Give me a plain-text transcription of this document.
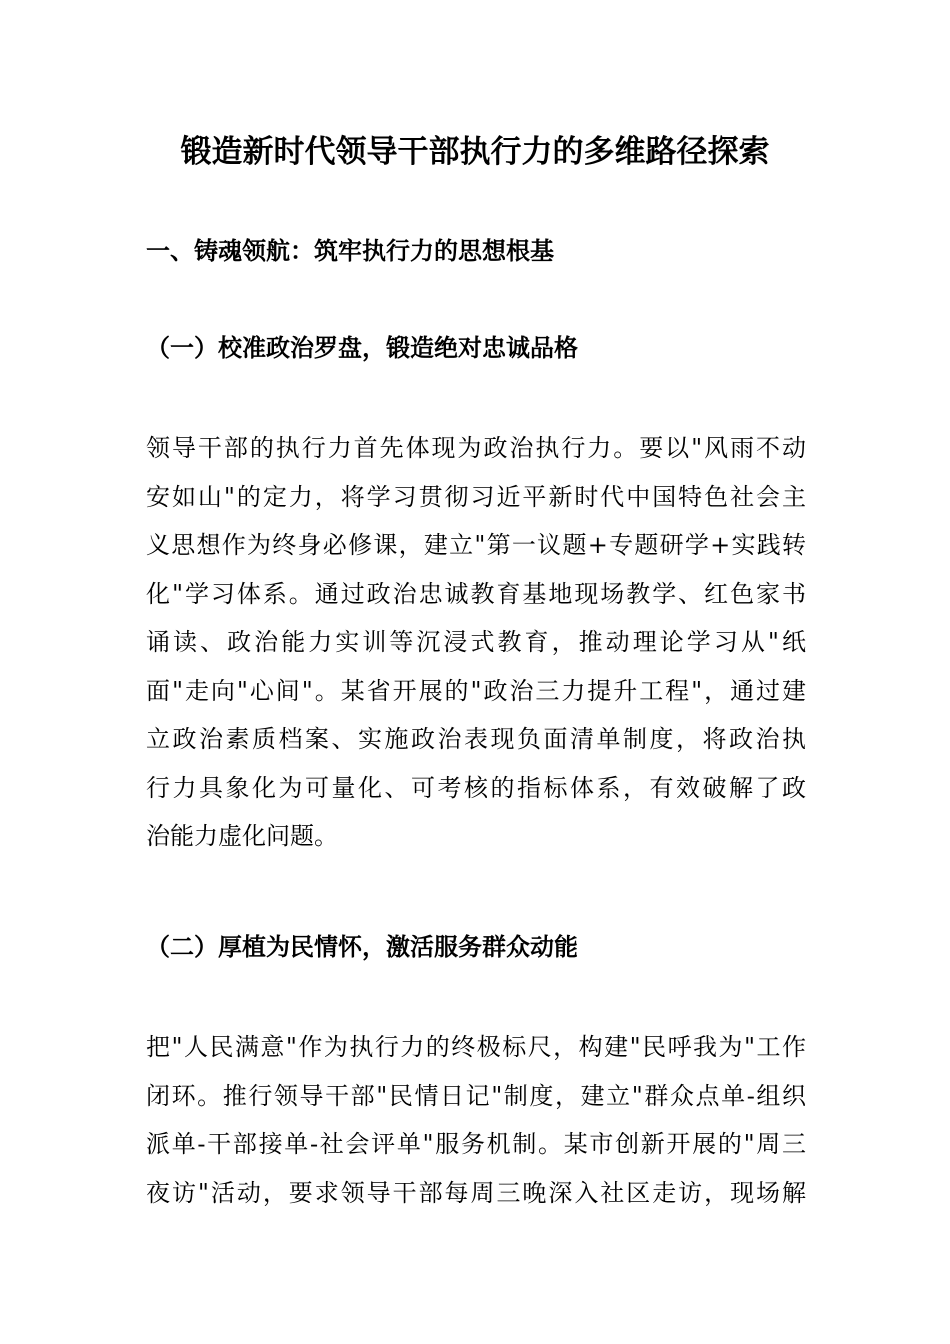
锻造新时代领导干部执行力的多维路径探索
一、铸魂领航：筑牢执行力的思想根基
（一）校准政治罗盘，锻造绝对忠诚品格
领导干部的执行力首先体现为政治执行力。要以"风雨不动
安如山"的定力，将学习贯彻习近平新时代中国特色社会主
义思想作为终身必修课，建立"第一议题+专题研学+实践转
化"学习体系。通过政治忠诚教育基地现场教学、红色家书
诵读、政治能力实训等沉浸式教育，推动理论学习从"纸
面"走向"心间"。某省开展的"政治三力提升工程"，通过建
立政治素质档案、实施政治表现负面清单制度，将政治执
行力具象化为可量化、可考核的指标体系，有效破解了政
治能力虚化问题。
（二）厚植为民情怀，激活服务群众动能
把"人民满意"作为执行力的终极标尺，构建"民呼我为"工作
闭环。推行领导干部"民情日记"制度，建立"群众点单-组织
派单-干部接单-社会评单"服务机制。某市创新开展的"周三
夜访"活动，要求领导干部每周三晚深入社区走访，现场解
